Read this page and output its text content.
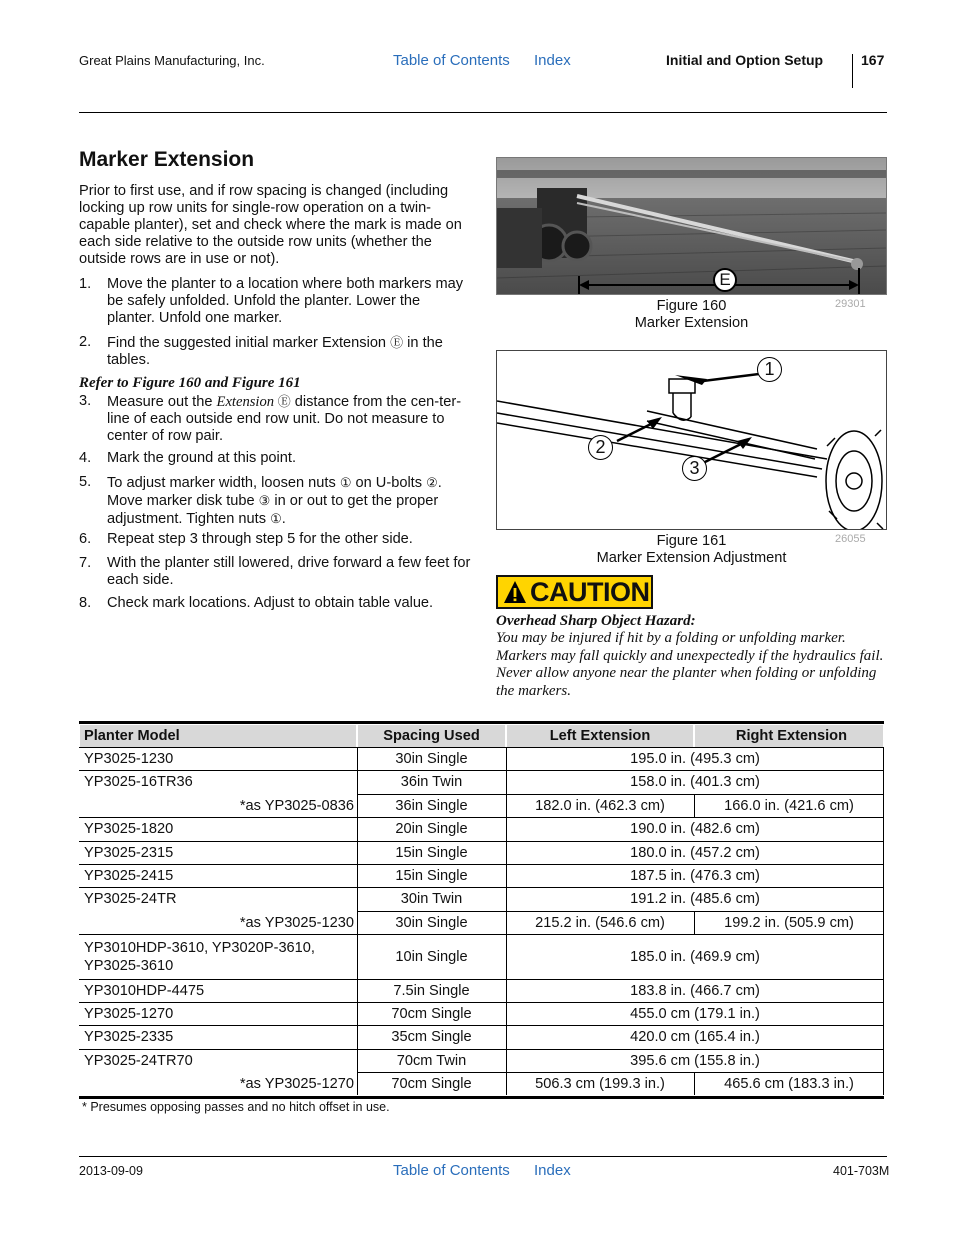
Great Plains Manufacturing, Inc.	Table of Contents Index	Initial and Option Setup	167
Marker Extension

Prior to first use, and if row spacing is changed (including locking up row units for single-row operation on a twin-capable planter), set and check where the mark is made on each side relative to the outside row units (whether the outside rows are in use or not).

1.	Move the planter to a location where both markers may be safely unfolded. Unfold the planter. Lower the planter. Unfold one marker.
2.	Find the suggested initial marker Extension Ⓔ in the tables.
Refer to Figure 160 and Figure 161
3.	Measure out the Extension Ⓔ distance from the cen-ter-line of each outside end row unit. Do not measure to center of row pair.
4.	Mark the ground at this point.
5.	To adjust marker width, loosen nuts ① on U-bolts ②. Move marker disk tube ③ in or out to get the proper adjustment. Tighten nuts ①.
6.	Repeat step 3 through step 5 for the other side.
7.	With the planter still lowered, drive forward a few feet for each side.
8.	Check mark locations. Adjust to obtain table value.
E
Figure 160
Marker Extension
29301
1
2
3
Figure 161
Marker Extension Adjustment
26055
CAUTION
Overhead Sharp Object Hazard:

You may be injured if hit by a folding or unfolding marker. Markers may fall quickly and unexpectedly if the hydraulics fail. Never allow anyone near the planter when folding or unfolding the markers.

Planter Model	Spacing Used	Left Extension	Right Extension
YP3025-1230	30in Single	195.0 in. (495.3 cm)
YP3025-16TR36	36in Twin	158.0 in. (401.3 cm)
*as YP3025-0836	36in Single	182.0 in. (462.3 cm)	166.0 in. (421.6 cm)
YP3025-1820	20in Single	190.0 in. (482.6 cm)
YP3025-2315	15in Single	180.0 in. (457.2 cm)
YP3025-2415	15in Single	187.5 in. (476.3 cm)
YP3025-24TR	30in Twin	191.2 in. (485.6 cm)
*as YP3025-1230	30in Single	215.2 in. (546.6 cm)	199.2 in. (505.9 cm)
YP3010HDP-3610, YP3020P-3610, YP3025-3610
10in Single	185.0 in. (469.9 cm)
YP3010HDP-4475	7.5in Single	183.8 in. (466.7 cm)
YP3025-1270	70cm Single	455.0 cm (179.1 in.)
YP3025-2335	35cm Single	420.0 cm (165.4 in.)
YP3025-24TR70	70cm Twin	395.6 cm (155.8 in.)
*as YP3025-1270	70cm Single	506.3 cm (199.3 in.)	465.6 cm (183.3 in.)
* Presumes opposing passes and no hitch offset in use.
2013-09-09	Table of Contents Index	401-703M
